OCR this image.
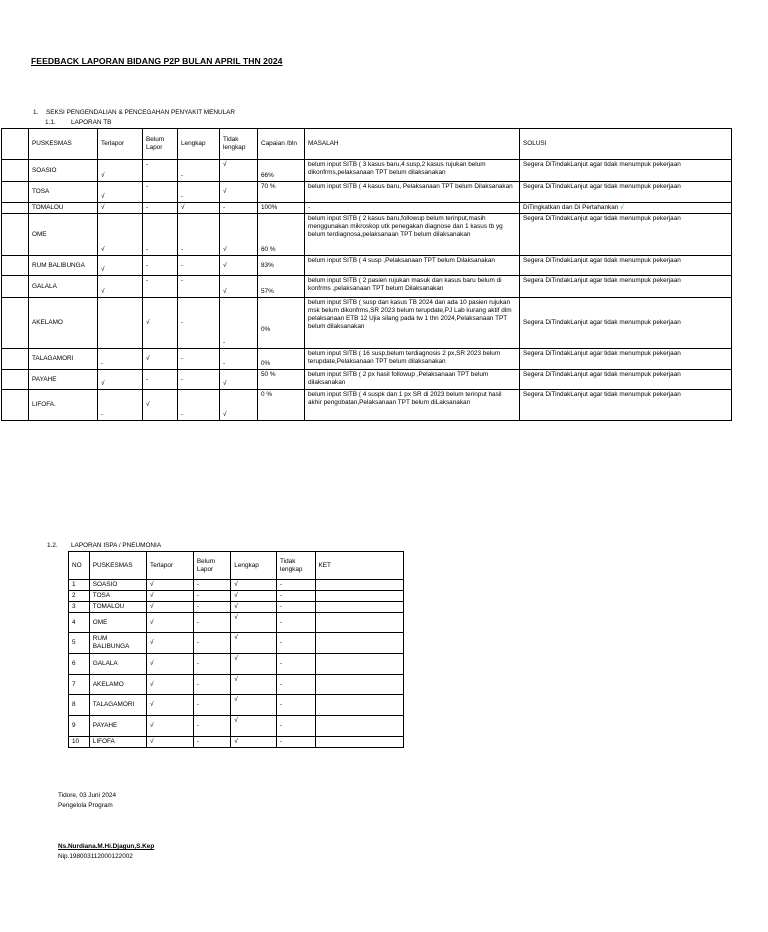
FEEDBACK LAPORAN BIDANG P2P BULAN APRIL THN 2024
1. SEKSI PENGENDALIAN & PENCEGAHAN PENYAKIT MENULAR
1.1. LAPORAN TB
	PUSKESMAS	Terlapor	Belum Lapor	Lengkap	Tidak lengkap	Capaian /bln	MASALAH	SOLUSI
	SOASIO	√	-	-	√	66%	belum input SITB ( 3 kasus baru,4 susp,2 kasus rujukan belum dikonfrms,pelaksanaan TPT belum dilaksanakan	Segera DiTindakLanjut agar tidak menumpuk pekerjaan
	TOSA	√	-	-	√	70 %	belum input SITB ( 4 kasus baru, Pelaksanaan TPT belum Dilaksanakan	Segera DiTindakLanjut agar tidak menumpuk pekerjaan
	TOMALOU	√	-	√	-	100%	-	DiTingkatkan dan Di Pertahankan √
	OME	√	-	-	√	60 %	belum input SITB ( 2 kasus baru,followup belum terinput,masih menggunakan mikroskop utk penegakan diagnose dan 1 kasus tb yg belum terdiagnosa,pelaksanaan TPT belum dilaksanakan	Segera DiTindakLanjut agar tidak menumpuk pekerjaan
	RUM BALIBUNGA	√	-	-	√	83%	belum input SITB ( 4 susp ,Pelaksanaan TPT belum Dilaksanakan	Segera DiTindakLanjut agar tidak menumpuk pekerjaan
	GALALA	√	-	-	√	57%	belum input SITB ( 2 pasien rujukan masuk dan kasus baru belum di konfrms ,pelaksanaan TPT belum Dilaksanakan	Segera DiTindakLanjut agar tidak menumpuk pekerjaan
	AKELAMO		√	-	-	0%	belum input SITB ( susp dan kasus TB 2024 dan ada 10 pasien rujukan msk belum dikonfrms,SR 2023 belum terupdate,PJ Lab kurang aktif dlm pelaksanaan ETB 12 Ujia silang pada tw 1 thn 2024,Pelaksanaan TPT belum dilaksanakan	Segera DiTindakLanjut agar tidak menumpuk pekerjaan
	TALAGAMORI	-	√	-	-	0%	belum input SITB ( 16 susp,belum terdiagnosis 2 px,SR 2023 belum terupdate,Pelaksanaan TPT belum dilaksanakan	Segera DiTindakLanjut agar tidak menumpuk pekerjaan
	PAYAHE	√	-	-	√	50 %	belum input SITB ( 2 px hasil followup ,Pelaksanaan TPT belum dilaksanakan	Segera DiTindakLanjut agar tidak menumpuk pekerjaan
	LIFOFA.	-	√	-	√	0 %	belum input SITB ( 4 suspk dan 1 px SR di 2023 belum terinput hasil akhir pengobatan,Pelaksanaan TPT belum diLaksanakan	Segera DiTindakLanjut agar tidak menumpuk pekerjaan
1.2. LAPORAN ISPA / PNEUMONIA
NO	PUSKESMAS	Terlapor	Belum Lapor	Lengkap	Tidak lengkap	KET
1	SOASIO	√	-	√	-	
2	TOSA	√	-	√	-	
3	TOMALOU	√	-	√	-	
4	OME	√	-	√	-	
5	RUM BALIBUNGA	√	-	√	-	
6	GALALA	√	-	√	-	
7	AKELAMO	√	-	√	-	
8	TALAGAMORI	√	-	√	-	
9	PAYAHE	√	-	√	-	
10	LIFOFA	√	-	√	-	
Tidore, 03 Juni 2024
Pengelola Program
Ns.Nurdiana.M.Hi.Djagun,S.Kep
Nip.198003112000122002
